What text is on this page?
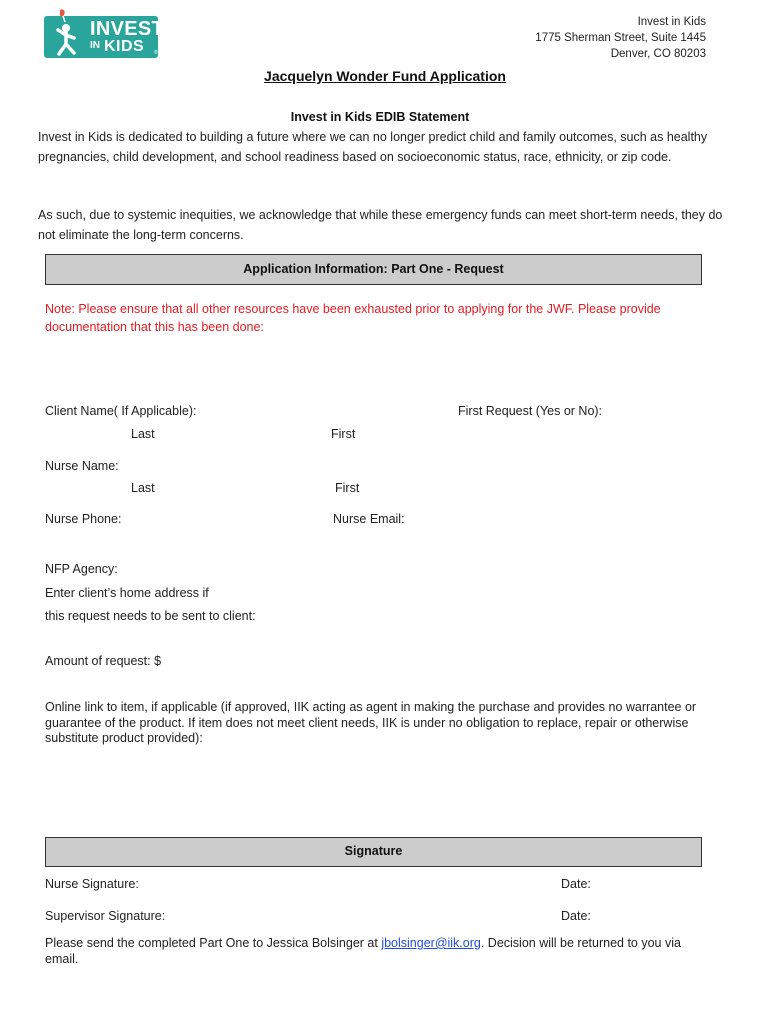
INVEST
IN KIDS ®
Invest in Kids
1775 Sherman Street, Suite 1445
Denver, CO 80203
Jacquelyn Wonder Fund Application
Invest in Kids EDIB Statement
Invest in Kids is dedicated to building a future where we can no longer predict child and family outcomes, such as healthy pregnancies, child development, and school readiness based on socioeconomic status, race, ethnicity, or zip code.
As such, due to systemic inequities, we acknowledge that while these emergency funds can meet short-term needs, they do not eliminate the long-term concerns.
Application Information: Part One - Request
Note: Please ensure that all other resources have been exhausted prior to applying for the JWF. Please provide documentation that this has been done:
Client Name( If Applicable):	First Request (Yes or No):
Last	First
Nurse Name:
Last	First
Nurse Phone:	Nurse Email:
NFP Agency:
Enter client’s home address if
this request needs to be sent to client:
Amount of request: $
Online link to item, if applicable (if approved, IIK acting as agent in making the purchase and provides no warrantee or guarantee of the product. If item does not meet client needs, IIK is under no obligation to replace, repair or otherwise substitute product provided):
Signature
Nurse Signature:	Date:
Supervisor Signature:	Date:
Please send the completed Part One to Jessica Bolsinger at jbolsinger@iik.org. Decision will be returned to you via email.
